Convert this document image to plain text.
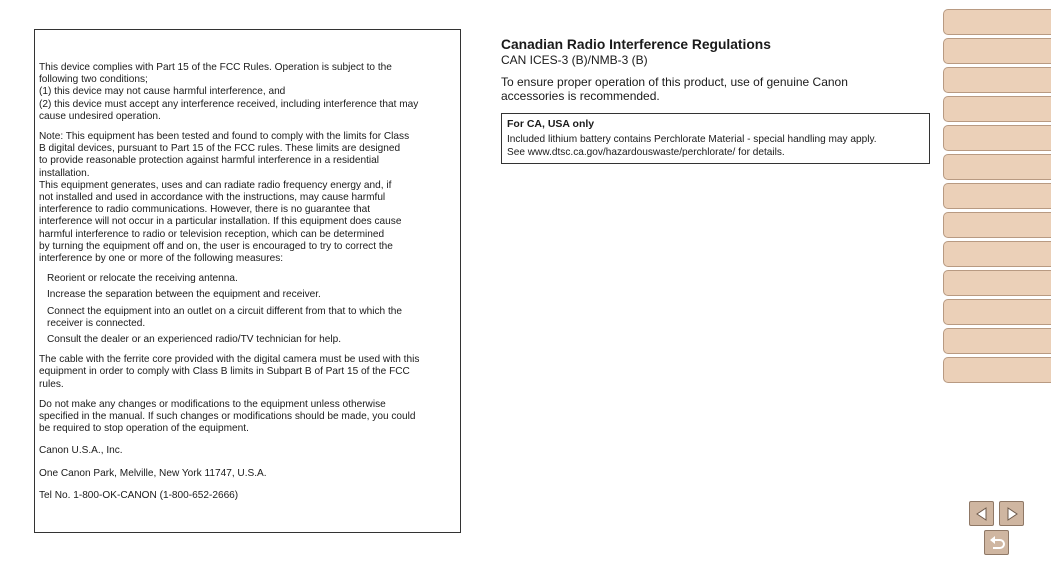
This device complies with Part 15 of the FCC Rules. Operation is subject to the
following two conditions;
(1) this device may not cause harmful interference, and
(2) this device must accept any interference received, including interference that may
cause undesired operation.

Note: This equipment has been tested and found to comply with the limits for Class
B digital devices, pursuant to Part 15 of the FCC rules. These limits are designed
to provide reasonable protection against harmful interference in a residential
installation.
This equipment generates, uses and can radiate radio frequency energy and, if
not installed and used in accordance with the instructions, may cause harmful
interference to radio communications. However, there is no guarantee that
interference will not occur in a particular installation. If this equipment does cause
harmful interference to radio or television reception, which can be determined
by turning the equipment off and on, the user is encouraged to try to correct the
interference by one or more of the following measures:

Reorient or relocate the receiving antenna.
Increase the separation between the equipment and receiver.
Connect the equipment into an outlet on a circuit different from that to which the
receiver is connected.
Consult the dealer or an experienced radio/TV technician for help.

The cable with the ferrite core provided with the digital camera must be used with this
equipment in order to comply with Class B limits in Subpart B of Part 15 of the FCC
rules.

Do not make any changes or modifications to the equipment unless otherwise
specified in the manual. If such changes or modifications should be made, you could
be required to stop operation of the equipment.

Canon U.S.A., Inc.

One Canon Park, Melville, New York 11747, U.S.A.

Tel No. 1-800-OK-CANON (1-800-652-2666)

Canadian Radio Interference Regulations

CAN ICES-3 (B)/NMB-3 (B)

To ensure proper operation of this product, use of genuine Canon
accessories is recommended.

For CA, USA only
Included lithium battery contains Perchlorate Material - special handling may apply.
See www.dtsc.ca.gov/hazardouswaste/perchlorate/ for details.
